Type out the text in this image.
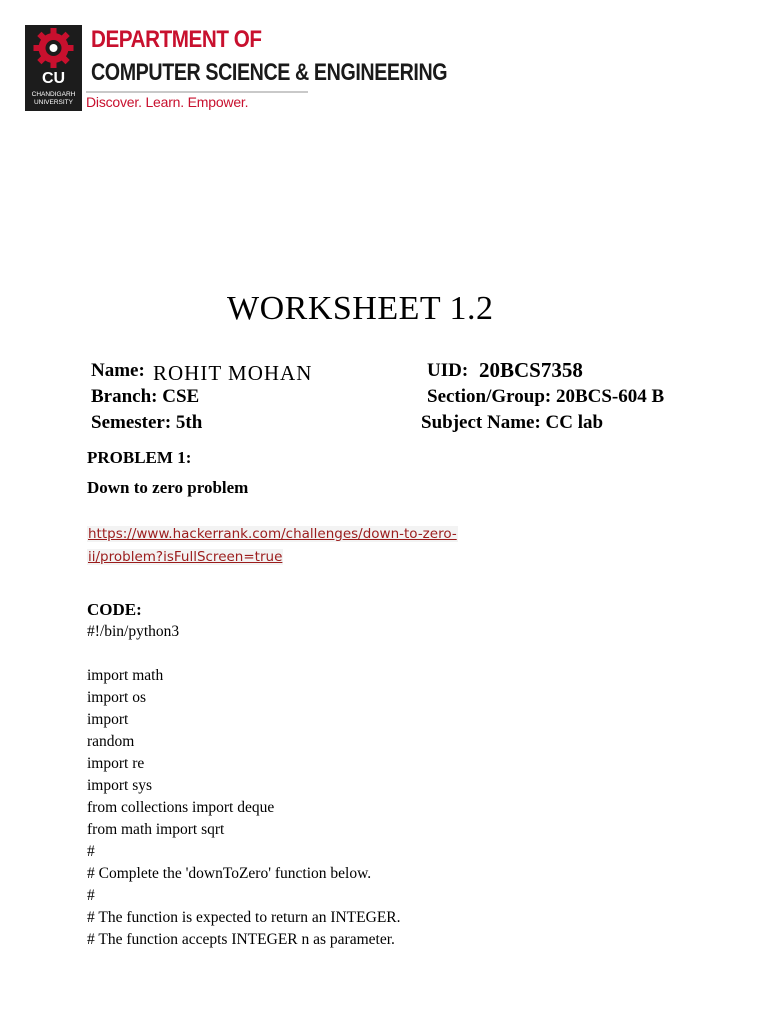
CU
CHANDIGARH
UNIVERSITY
DEPARTMENT OF
COMPUTER SCIENCE & ENGINEERING
Discover. Learn. Empower.
WORKSHEET 1.2
Name: ROHIT MOHAN	UID: 20BCS7358
Branch: CSE	Section/Group: 20BCS-604 B
Semester: 5th	Subject Name: CC lab
PROBLEM 1:
Down to zero problem
https://www.hackerrank.com/challenges/down-to-zero-
ii/problem?isFullScreen=true
CODE:
#!/bin/python3
import math
import os
import
random
import re
import sys
from collections import deque
from math import sqrt
#
# Complete the 'downToZero' function below.
#
# The function is expected to return an INTEGER.
# The function accepts INTEGER n as parameter.
